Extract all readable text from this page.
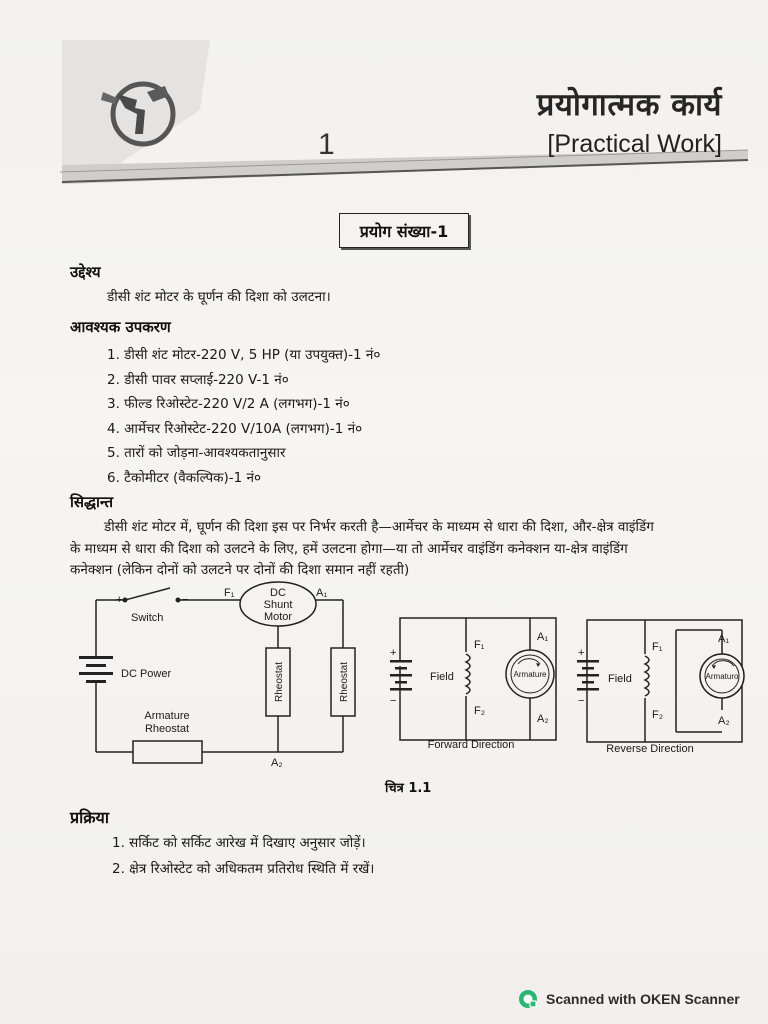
1
प्रयोगात्मक कार्य
[Practical Work]
प्रयोग संख्या-1
उद्देश्य
डीसी शंट मोटर के घूर्णन की दिशा को उलटना।
आवश्यक उपकरण
1. डीसी शंट मोटर-220 V, 5 HP (या उपयुक्त)-1 नं०
2. डीसी पावर सप्लाई-220 V-1 नं०
3. फील्ड रिओस्टेट-220 V/2 A (लगभग)-1 नं०
4. आर्मेचर रिओस्टेट-220 V/10A (लगभग)-1 नं०
5. तारों को जोड़ना-आवश्यकतानुसार
6. टैकोमीटर (वैकल्पिक)-1 नं०
सिद्धान्त
डीसी शंट मोटर में, घूर्णन की दिशा इस पर निर्भर करती है—आर्मेचर के माध्यम से धारा की दिशा, और-क्षेत्र वाइंडिंग
के माध्यम से धारा की दिशा को उलटने के लिए, हमें उलटना होगा—या तो आर्मेचर वाइंडिंग कनेक्शन या-क्षेत्र वाइंडिंग
कनेक्शन (लेकिन दोनों को उलटने पर दोनों की दिशा समान नहीं रहती)
+	−
Switch
DC Power
F₁	A₁
A₂
DC
Shunt
Motor
Armature
Rheostat
Rheostat	Rheostat
+
−
Field	Armature
F₁
F₂
A₁
A₂
Forward Direction
+
−
Field	Armaturo
F₁
F₂
A₁
A₂
Reverse Direction
चित्र 1.1
प्रक्रिया
1. सर्किट को सर्किट आरेख में दिखाए अनुसार जोड़ें।
2. क्षेत्र रिओस्टेट को अधिकतम प्रतिरोध स्थिति में रखें।
Scanned with OKEN Scanner
